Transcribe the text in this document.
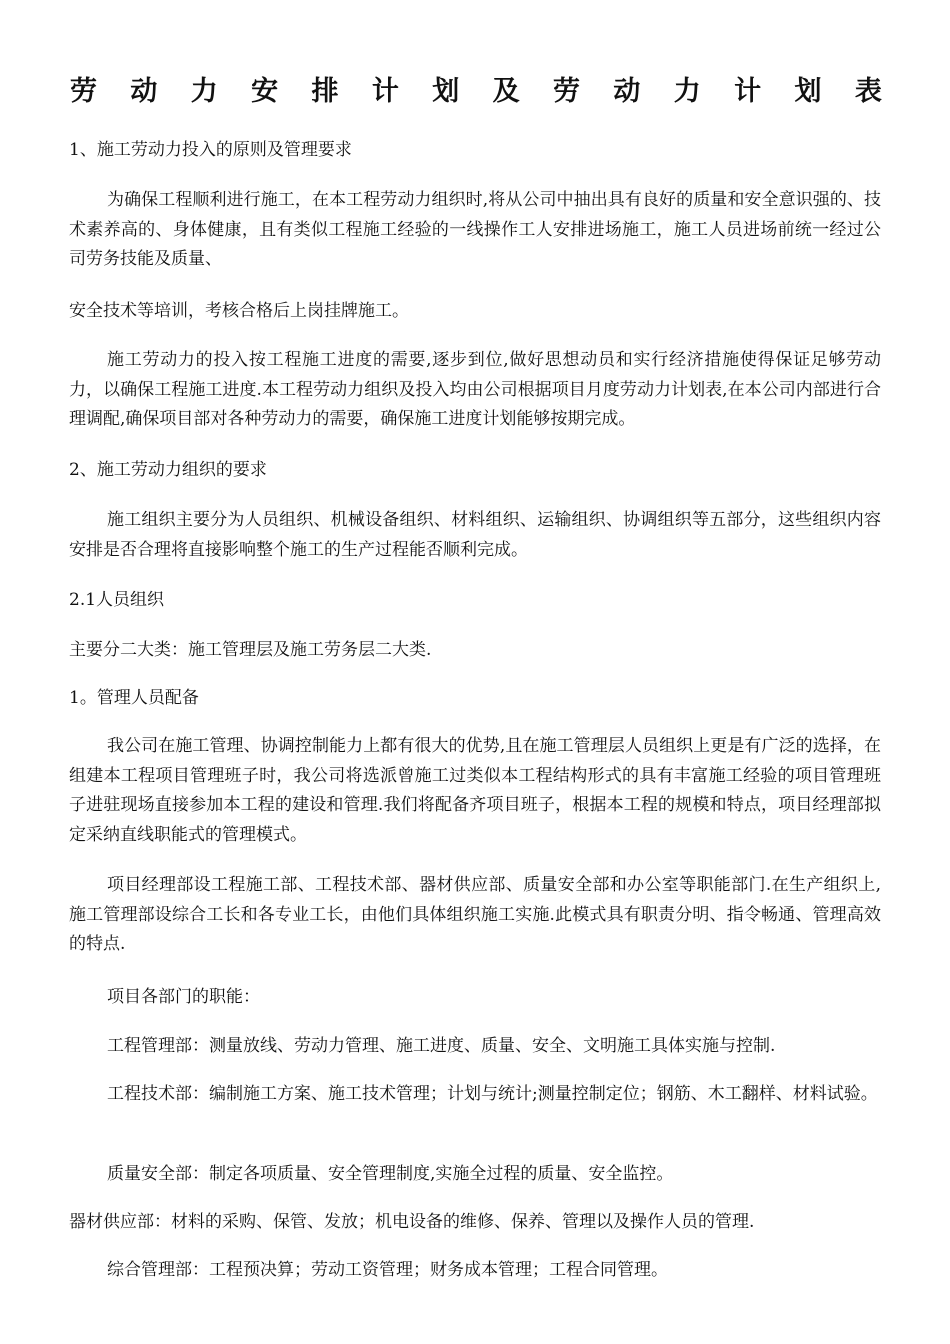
劳 动 力 安 排 计 划 及 劳 动 力 计 划 表

1、施工劳动力投入的原则及管理要求

为确保工程顺利进行施工，在本工程劳动力组织时,将从公司中抽出具有良好的质量和安全意识强的、技术素养高的、身体健康，且有类似工程施工经验的一线操作工人安排进场施工，施工人员进场前统一经过公司劳务技能及质量、

安全技术等培训，考核合格后上岗挂牌施工。

施工劳动力的投入按工程施工进度的需要,逐步到位,做好思想动员和实行经济措施使得保证足够劳动力，以确保工程施工进度.本工程劳动力组织及投入均由公司根据项目月度劳动力计划表,在本公司内部进行合理调配,确保项目部对各种劳动力的需要，确保施工进度计划能够按期完成。

2、施工劳动力组织的要求

施工组织主要分为人员组织、机械设备组织、材料组织、运输组织、协调组织等五部分，这些组织内容安排是否合理将直接影响整个施工的生产过程能否顺利完成。

2.1人员组织

主要分二大类：施工管理层及施工劳务层二大类.

1。管理人员配备

我公司在施工管理、协调控制能力上都有很大的优势,且在施工管理层人员组织上更是有广泛的选择，在组建本工程项目管理班子时，我公司将选派曾施工过类似本工程结构形式的具有丰富施工经验的项目管理班子进驻现场直接参加本工程的建设和管理.我们将配备齐项目班子，根据本工程的规模和特点，项目经理部拟定采纳直线职能式的管理模式。

项目经理部设工程施工部、工程技术部、器材供应部、质量安全部和办公室等职能部门.在生产组织上,施工管理部设综合工长和各专业工长，由他们具体组织施工实施.此模式具有职责分明、指令畅通、管理高效的特点.

项目各部门的职能：

工程管理部：测量放线、劳动力管理、施工进度、质量、安全、文明施工具体实施与控制.

工程技术部：编制施工方案、施工技术管理；计划与统计;测量控制定位；钢筋、木工翻样、材料试验。

质量安全部：制定各项质量、安全管理制度,实施全过程的质量、安全监控。

器材供应部：材料的采购、保管、发放；机电设备的维修、保养、管理以及操作人员的管理.

综合管理部：工程预决算；劳动工资管理；财务成本管理；工程合同管理。
